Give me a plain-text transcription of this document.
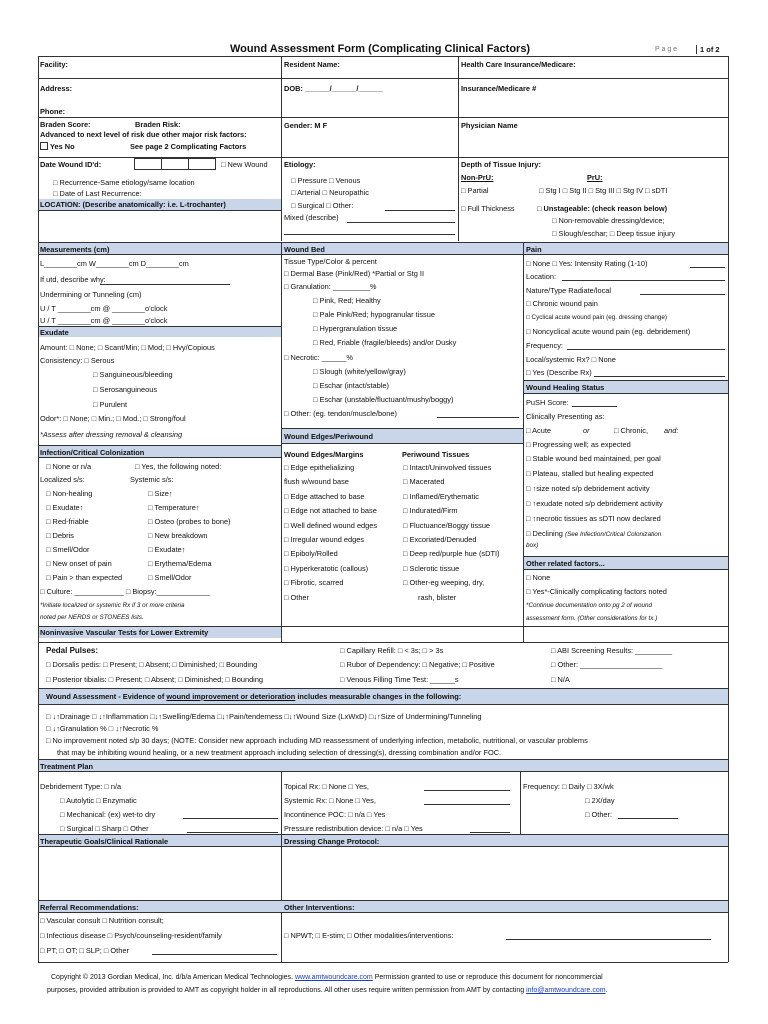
Wound Assessment Form (Complicating Clinical Factors)	P a g e	1 of 2
Facility:	Resident Name:	Health Care Insurance/Medicare:
Address:	DOB: ______/______/______	Insurance/Medicare #
Phone:
Braden Score:	Braden Risk:	Gender: M F	Physician Name
Advanced to next level of risk due other major risk factors:
Yes No	See page 2 Complicating Factors
Date Wound ID'd:	□ New Wound
□ Recurrence-Same etiology/same location
□ Date of Last Recurrence:
LOCATION: (Describe anatomically: i.e. L-trochanter)
Etiology:
□ Pressure □ Venous
□ Arterial □ Neuropathic
□ Surgical □ Other:
Mixed (describe)
Depth of Tissue Injury:
Non-PrU:	PrU:
□ Partial	□ Stg I □ Stg II □ Stg III □ Stg IV □ sDTI
□ Full Thickness	□ Unstageable: (check reason below)
□ Non-removable dressing/device;
□ Slough/eschar; □ Deep tissue injury
Measurements (cm)
L________cm W________cm D________cm
If utd, describe why:
Undermining or Tunneling (cm)
U / T ________cm @ ________o'clock
U / T ________cm @ ________o'clock
Exudate
Amount: □ None; □ Scant/Min; □ Mod; □ Hvy/Copious
Consistency: □ Serous
□ Sanguineous/bleeding
□ Serosanguineous
□ Purulent
Odor*: □ None; □ Min.; □ Mod.; □ Strong/foul
*Assess after dressing removal & cleansing
Infection/Critical Colonization
□ None or n/a	□ Yes, the following noted:
Localized s/s:	Systemic s/s:
□ Non-healing	□ Size↑
□ Exudate↑	□ Temperature↑
□ Red-friable	□ Osteo (probes to bone)
□ Debris	□ New breakdown
□ Smell/Odor	□ Exudate↑
□ New onset of pain	□ Erythema/Edema
□ Pain > than expected	□ Smell/Odor
□ Culture: ____________ □ Biopsy:_____________
*Initiate localized or systemic Rx if 3 or more criteria
noted per NERDS or STONEES lists.
Wound Bed
Tissue Type/Color & percent
□ Dermal Base (Pink/Red) *Partial or Stg II
□ Granulation: _________%
□ Pink, Red; Healthy
□ Pale Pink/Red; hypogranular tissue
□ Hypergranulation tissue
□ Red, Friable (fragile/bleeds) and/or Dusky
□ Necrotic: ______%
□ Slough (white/yellow/gray)
□ Eschar (intact/stable)
□ Eschar (unstable/fluctuant/mushy/boggy)
□ Other: (eg. tendon/muscle/bone)
Wound Edges/Periwound
Wound Edges/Margins	Periwound Tissues
□ Edge epithelializing	□ Intact/Uninvolved tissues
flush w/wound base	□ Macerated
□ Edge attached to base	□ Inflamed/Erythematic
□ Edge not attached to base	□ Indurated/Firm
□ Well defined wound edges	□ Fluctuance/Boggy tissue
□ Irregular wound edges	□ Excoriated/Denuded
□ Epiboly/Rolled	□ Deep red/purple hue (sDTI)
□ Hyperkeratotic (callous)	□ Sclerotic tissue
□ Fibrotic, scarred	□ Other-eg weeping, dry,
□ Other	rash, blister
Pain
□ None □ Yes: Intensity Rating (1-10)
Location:
Nature/Type Radiate/local
□ Chronic wound pain
□ Cyclical acute wound pain (eg. dressing change)
□ Noncyclical acute wound pain (eg. debridement)
Frequency:
Local/systemic Rx? □ None
□ Yes (Describe Rx)
Wound Healing Status
PuSH Score:
Clinically Presenting as:
□ Acute	or	□ Chronic, and:
□ Progressing well; as expected
□ Stable wound bed maintained, per goal
□ Plateau, stalled but healing expected
□ ↑size noted s/p debridement activity
□ ↑exudate noted s/p debridement activity
□ ↑necrotic tissues as sDTI now declared
□ Declining (See Infection/Critical Colonization
box)
Other related factors...
□ None
□ Yes*-Clinically complicating factors noted
*Continue documentation onto pg 2 of wound
assessment form. (Other considerations for tx.)
Noninvasive Vascular Tests for Lower Extremity
Pedal Pulses:
□ Dorsalis pedis: □ Present; □ Absent; □ Diminished; □ Bounding
□ Posterior tibialis: □ Present; □ Absent; □ Diminished; □ Bounding
□ Capillary Refill: □ < 3s; □ > 3s
□ Rubor of Dependency: □ Negative; □ Positive
□ Venous Filling Time Test: ______s
□ ABI Screening Results: _________
□ Other: ____________________
□ N/A
Wound Assessment - Evidence of wound improvement or deterioration includes measurable changes in the following:
□ ↓↑Drainage □ ↓↑Inflammation □↓↑Swelling/Edema □↓↑Pain/tenderness □↓↑Wound Size (LxWxD) □↓↑Size of Undermining/Tunneling
□ ↓↑Granulation % □ ↓↑Necrotic %
□ No improvement noted s/p 30 days; (NOTE: Consider new approach including MD reassessment of underlying infection, metabolic, nutritional, or vascular problems
that may be inhibiting wound healing, or a new treatment approach including selection of dressing(s), dressing combination and/or FOC.
Treatment Plan
Debridement Type: □ n/a
□ Autolytic □ Enzymatic
□ Mechanical: (ex) wet-to dry
□ Surgical □ Sharp □ Other
Topical Rx: □ None □ Yes,
Systemic Rx: □ None □ Yes,
Incontinence POC: □ n/a □ Yes
Pressure redistribution device: □ n/a □ Yes
Frequency: □ Daily □ 3X/wk
□ 2X/day
□ Other:
Therapeutic Goals/Clinical Rationale	Dressing Change Protocol:
Referral Recommendations:	Other Interventions:
□ Vascular consult □ Nutrition consult;
□ Infectious disease □ Psych/counseling-resident/family
□ PT; □ OT; □ SLP; □ Other
□ NPWT; □ E-stim; □ Other modalities/interventions:
Copyright © 2013 Gordian Medical, Inc. d/b/a American Medical Technologies. www.amtwoundcare.com Permission granted to use or reproduce this document for noncommercial
purposes, provided attribution is provided to AMT as copyright holder in all reproductions. All other uses require written permission from AMT by contacting info@amtwoundcare.com.
